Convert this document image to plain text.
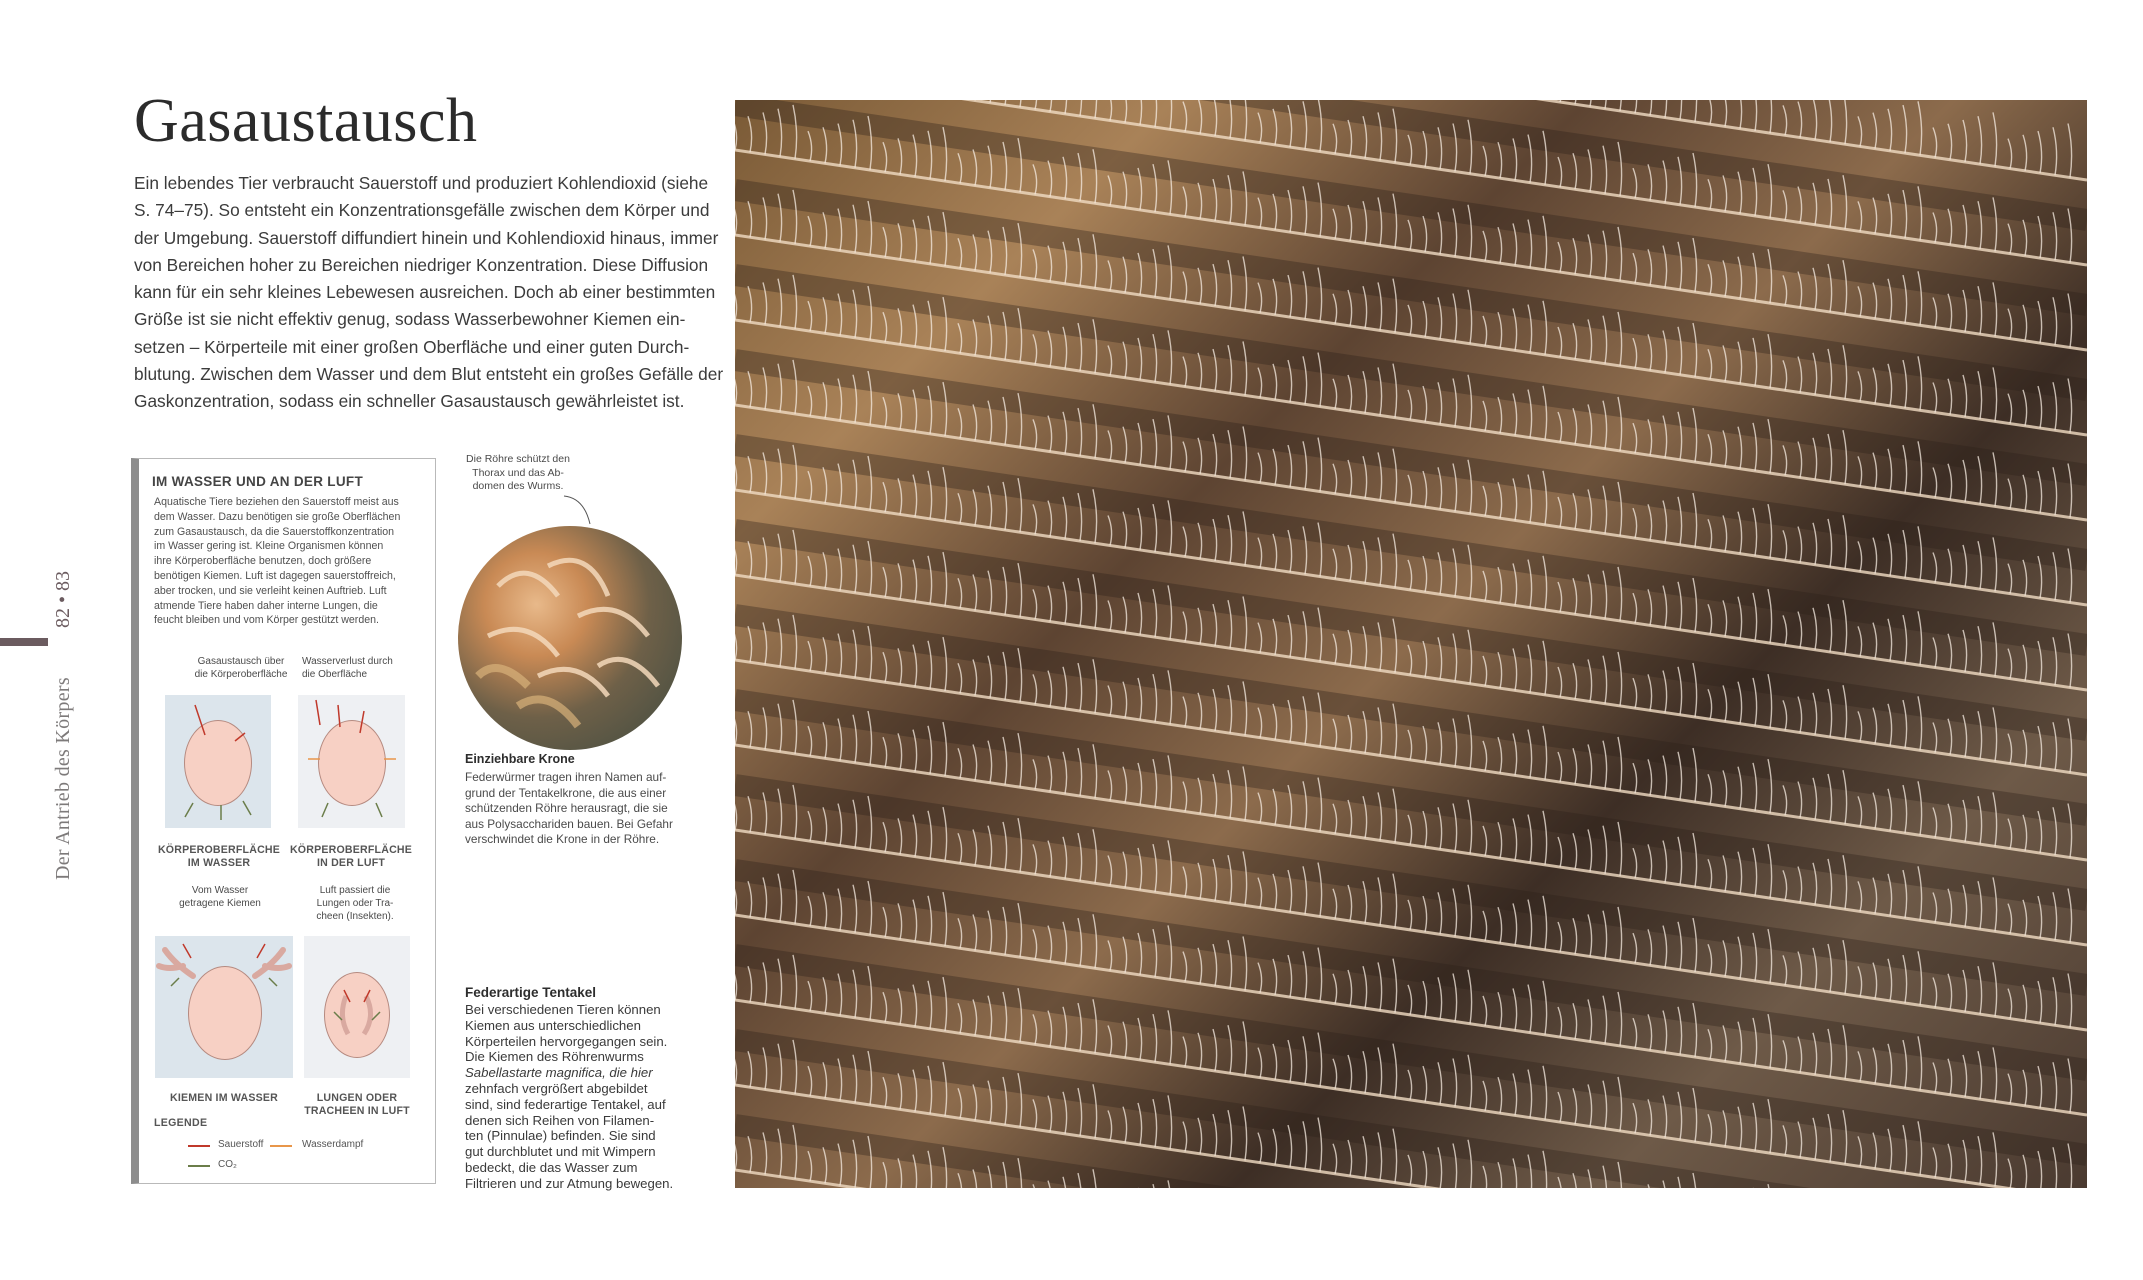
Gasaustausch
Ein lebendes Tier verbraucht Sauerstoff und produziert Kohlendioxid (siehe
S. 74–75). So entsteht ein Konzentrationsgefälle zwischen dem Körper und
der Umgebung. Sauerstoff diffundiert hinein und Kohlendioxid hinaus, immer
von Bereichen hoher zu Bereichen niedriger Konzentration. Diese Diffusion
kann für ein sehr kleines Lebewesen ausreichen. Doch ab einer bestimmten
Größe ist sie nicht effektiv genug, sodass Wasserbewohner Kiemen ein-
setzen – Körperteile mit einer großen Oberfläche und einer guten Durch-
blutung. Zwischen dem Wasser und dem Blut entsteht ein großes Gefälle der
Gaskonzentration, sodass ein schneller Gasaustausch gewährleistet ist.
82 • 83
Der Antrieb des Körpers
IM WASSER UND AN DER LUFT
Aquatische Tiere beziehen den Sauerstoff meist aus
dem Wasser. Dazu benötigen sie große Oberflächen
zum Gasaustausch, da die Sauerstoffkonzentration
im Wasser gering ist. Kleine Organismen können
ihre Körperoberfläche benutzen, doch größere
benötigen Kiemen. Luft ist dagegen sauerstoffreich,
aber trocken, und sie verleiht keinen Auftrieb. Luft
atmende Tiere haben daher interne Lungen, die
feucht bleiben und vom Körper gestützt werden.
Gasaustausch über
die Körperoberfläche
KÖRPEROBERFLÄCHE
IM WASSER
Wasserverlust durch
die Oberfläche
KÖRPEROBERFLÄCHE
IN DER LUFT
Vom Wasser
getragene Kiemen
KIEMEN IM WASSER
Luft passiert die
Lungen oder Tra-
cheen (Insekten).
LUNGEN ODER
TRACHEEN IN LUFT
LEGENDE
Sauerstoff	Wasserdampf
CO₂
Die Röhre schützt den
Thorax und das Ab-
domen des Wurms.
Einziehbare Krone
Federwürmer tragen ihren Namen auf-
grund der Tentakelkrone, die aus einer
schützenden Röhre herausragt, die sie
aus Polysacchariden bauen. Bei Gefahr
verschwindet die Krone in der Röhre.
Federartige Tentakel
Bei verschiedenen Tieren können
Kiemen aus unterschiedlichen
Körperteilen hervorgegangen sein.
Die Kiemen des Röhrenwurms
Sabellastarte magnifica, die hier
zehnfach vergrößert abgebildet
sind, sind federartige Tentakel, auf
denen sich Reihen von Filamen-
ten (Pinnulae) befinden. Sie sind
gut durchblutet und mit Wimpern
bedeckt, die das Wasser zum
Filtrieren und zur Atmung bewegen.
